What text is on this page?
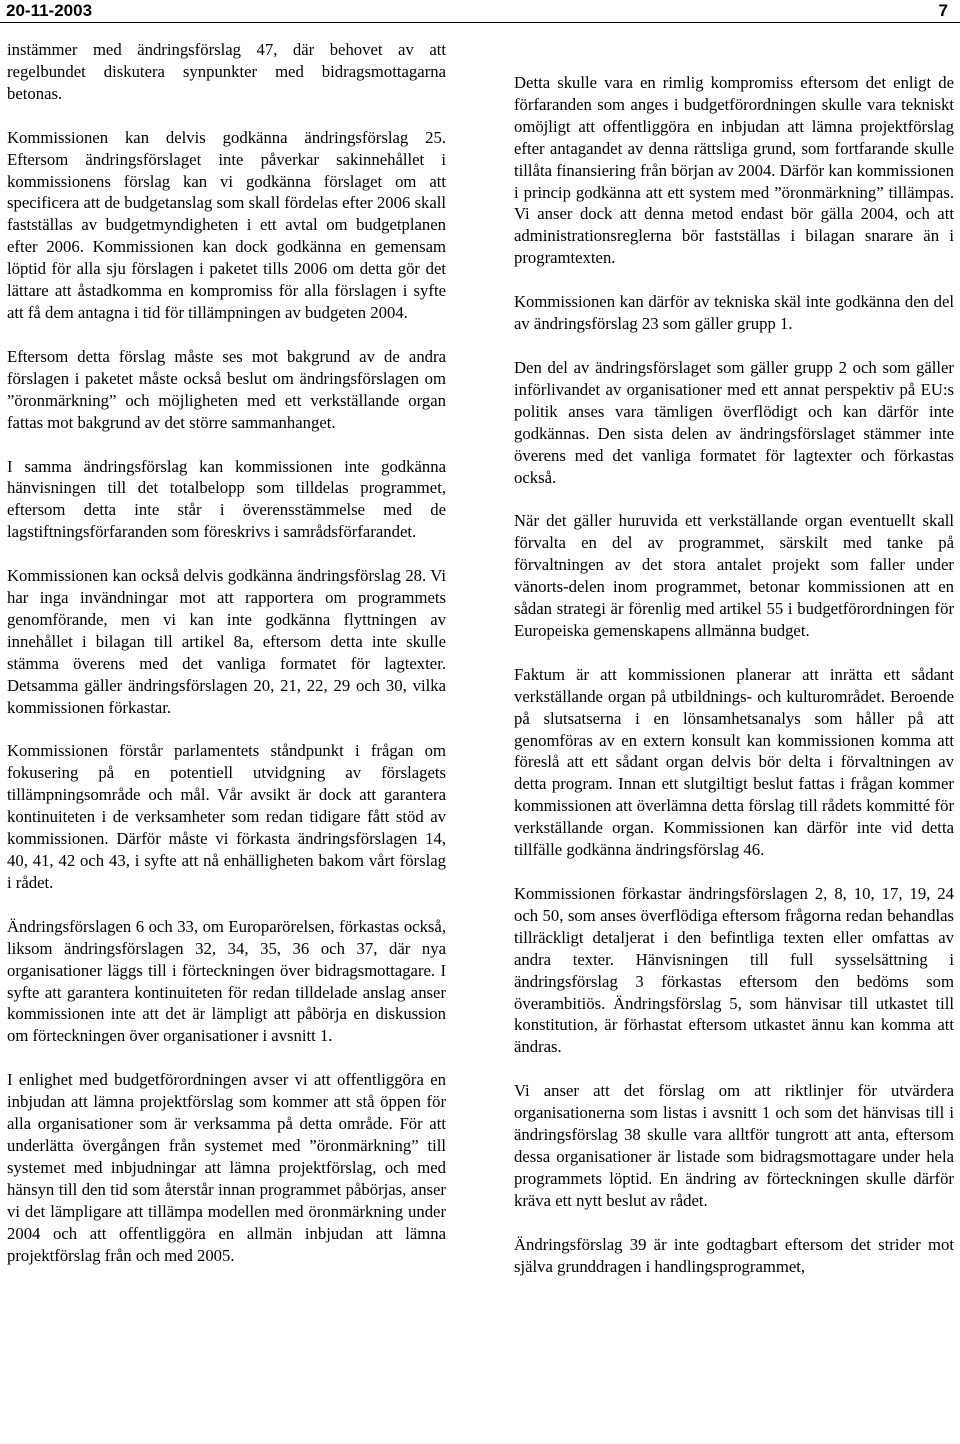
20-11-2003	7

instämmer med ändringsförslag 47, där behovet av att regelbundet diskutera synpunkter med bidragsmottagarna betonas.

Kommissionen kan delvis godkänna ändringsförslag 25. Eftersom ändringsförslaget inte påverkar sakinnehållet i kommissionens förslag kan vi godkänna förslaget om att specificera att de budgetanslag som skall fördelas efter 2006 skall fastställas av budgetmyndigheten i ett avtal om budgetplanen efter 2006. Kommissionen kan dock godkänna en gemensam löptid för alla sju förslagen i paketet tills 2006 om detta gör det lättare att åstadkomma en kompromiss för alla förslagen i syfte att få dem antagna i tid för tillämpningen av budgeten 2004.

Eftersom detta förslag måste ses mot bakgrund av de andra förslagen i paketet måste också beslut om ändringsförslagen om ”öronmärkning” och möjligheten med ett verkställande organ fattas mot bakgrund av det större sammanhanget.

I samma ändringsförslag kan kommissionen inte godkänna hänvisningen till det totalbelopp som tilldelas programmet, eftersom detta inte står i överensstämmelse med de lagstiftningsförfaranden som föreskrivs i samrådsförfarandet.

Kommissionen kan också delvis godkänna ändringsförslag 28. Vi har inga invändningar mot att rapportera om programmets genomförande, men vi kan inte godkänna flyttningen av innehållet i bilagan till artikel 8a, eftersom detta inte skulle stämma överens med det vanliga formatet för lagtexter. Detsamma gäller ändringsförslagen 20, 21, 22, 29 och 30, vilka kommissionen förkastar.

Kommissionen förstår parlamentets ståndpunkt i frågan om fokusering på en potentiell utvidgning av förslagets tillämpningsområde och mål. Vår avsikt är dock att garantera kontinuiteten i de verksamheter som redan tidigare fått stöd av kommissionen. Därför måste vi förkasta ändringsförslagen 14, 40, 41, 42 och 43, i syfte att nå enhälligheten bakom vårt förslag i rådet.

Ändringsförslagen 6 och 33, om Europarörelsen, förkastas också, liksom ändringsförslagen 32, 34, 35, 36 och 37, där nya organisationer läggs till i förteckningen över bidragsmottagare. I syfte att garantera kontinuiteten för redan tilldelade anslag anser kommissionen inte att det är lämpligt att påbörja en diskussion om förteckningen över organisationer i avsnitt 1.

I enlighet med budgetförordningen avser vi att offentliggöra en inbjudan att lämna projektförslag som kommer att stå öppen för alla organisationer som är verksamma på detta område. För att underlätta övergången från systemet med ”öronmärkning” till systemet med inbjudningar att lämna projektförslag, och med hänsyn till den tid som återstår innan programmet påbörjas, anser vi det lämpligare att tillämpa modellen med öronmärkning under 2004 och att offentliggöra en allmän inbjudan att lämna projektförslag från och med 2005.

Detta skulle vara en rimlig kompromiss eftersom det enligt de förfaranden som anges i budgetförordningen skulle vara tekniskt omöjligt att offentliggöra en inbjudan att lämna projektförslag efter antagandet av denna rättsliga grund, som fortfarande skulle tillåta finansiering från början av 2004. Därför kan kommissionen i princip godkänna att ett system med ”öronmärkning” tillämpas. Vi anser dock att denna metod endast bör gälla 2004, och att administrationsreglerna bör fastställas i bilagan snarare än i programtexten.

Kommissionen kan därför av tekniska skäl inte godkänna den del av ändringsförslag 23 som gäller grupp 1.

Den del av ändringsförslaget som gäller grupp 2 och som gäller införlivandet av organisationer med ett annat perspektiv på EU:s politik anses vara tämligen överflödigt och kan därför inte godkännas. Den sista delen av ändringsförslaget stämmer inte överens med det vanliga formatet för lagtexter och förkastas också.

När det gäller huruvida ett verkställande organ eventuellt skall förvalta en del av programmet, särskilt med tanke på förvaltningen av det stora antalet projekt som faller under vänorts-delen inom programmet, betonar kommissionen att en sådan strategi är förenlig med artikel 55 i budgetförordningen för Europeiska gemenskapens allmänna budget.

Faktum är att kommissionen planerar att inrätta ett sådant verkställande organ på utbildnings- och kulturområdet. Beroende på slutsatserna i en lönsamhetsanalys som håller på att genomföras av en extern konsult kan kommissionen komma att föreslå att ett sådant organ delvis bör delta i förvaltningen av detta program. Innan ett slutgiltigt beslut fattas i frågan kommer kommissionen att överlämna detta förslag till rådets kommitté för verkställande organ. Kommissionen kan därför inte vid detta tillfälle godkänna ändringsförslag 46.

Kommissionen förkastar ändringsförslagen 2, 8, 10, 17, 19, 24 och 50, som anses överflödiga eftersom frågorna redan behandlas tillräckligt detaljerat i den befintliga texten eller omfattas av andra texter. Hänvisningen till full sysselsättning i ändringsförslag 3 förkastas eftersom den bedöms som överambitiös. Ändringsförslag 5, som hänvisar till utkastet till konstitution, är förhastat eftersom utkastet ännu kan komma att ändras.

Vi anser att det förslag om att riktlinjer för utvärdera organisationerna som listas i avsnitt 1 och som det hänvisas till i ändringsförslag 38 skulle vara alltför tungrott att anta, eftersom dessa organisationer är listade som bidragsmottagare under hela programmets löptid. En ändring av förteckningen skulle därför kräva ett nytt beslut av rådet.

Ändringsförslag 39 är inte godtagbart eftersom det strider mot själva grunddragen i handlingsprogrammet,
